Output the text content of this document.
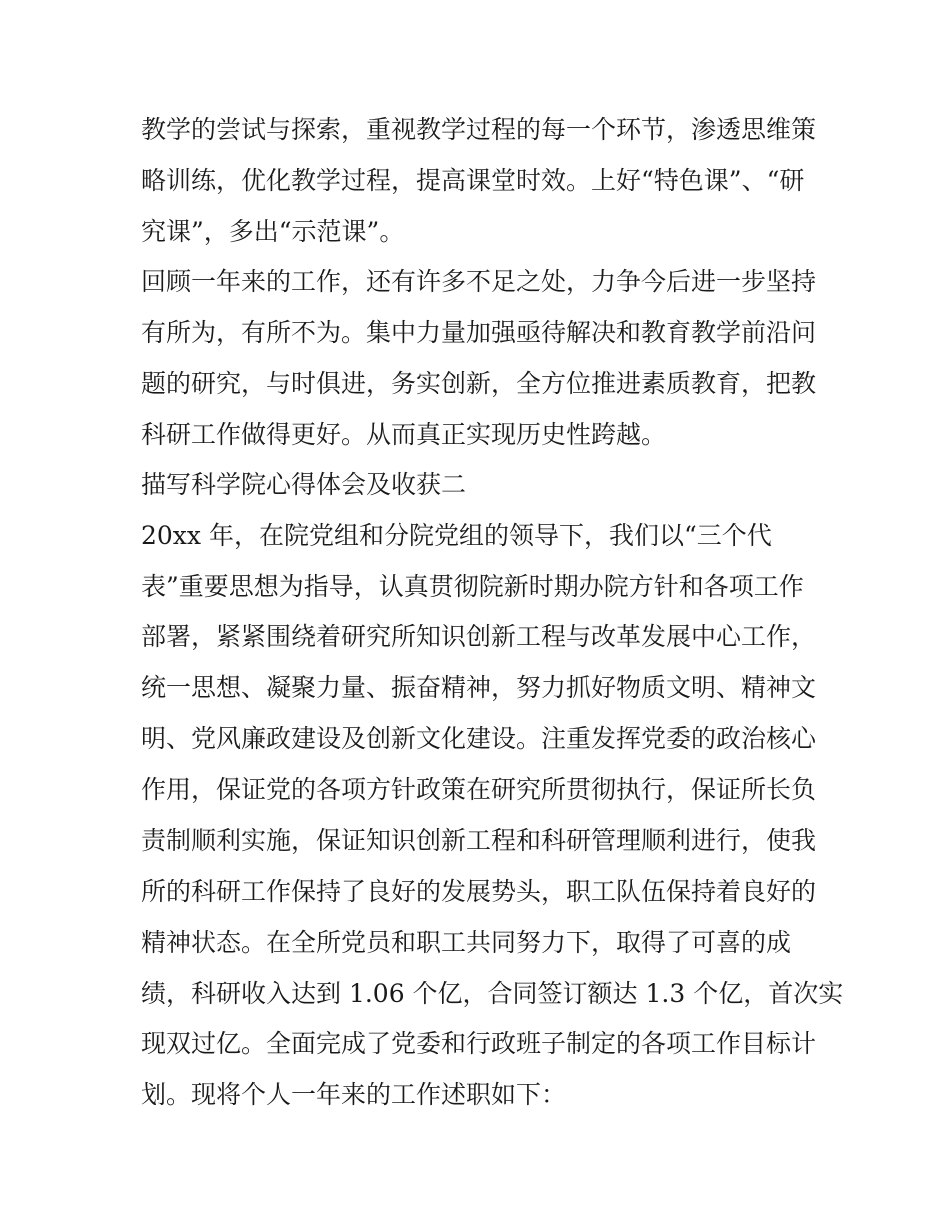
教学的尝试与探索，重视教学过程的每一个环节，渗透思维策
略训练，优化教学过程，提高课堂时效。上好“特色课”、“研
究课”，多出“示范课”。
回顾一年来的工作，还有许多不足之处，力争今后进一步坚持
有所为，有所不为。集中力量加强亟待解决和教育教学前沿问
题的研究，与时俱进，务实创新，全方位推进素质教育，把教
科研工作做得更好。从而真正实现历史性跨越。
描写科学院心得体会及收获二
20xx 年，在院党组和分院党组的领导下，我们以“三个代
表”重要思想为指导，认真贯彻院新时期办院方针和各项工作
部署，紧紧围绕着研究所知识创新工程与改革发展中心工作，
统一思想、凝聚力量、振奋精神，努力抓好物质文明、精神文
明、党风廉政建设及创新文化建设。注重发挥党委的政治核心
作用，保证党的各项方针政策在研究所贯彻执行，保证所长负
责制顺利实施，保证知识创新工程和科研管理顺利进行，使我
所的科研工作保持了良好的发展势头，职工队伍保持着良好的
精神状态。在全所党员和职工共同努力下，取得了可喜的成
绩，科研收入达到 1.06 个亿，合同签订额达 1.3 个亿，首次实
现双过亿。全面完成了党委和行政班子制定的各项工作目标计
划。现将个人一年来的工作述职如下：
